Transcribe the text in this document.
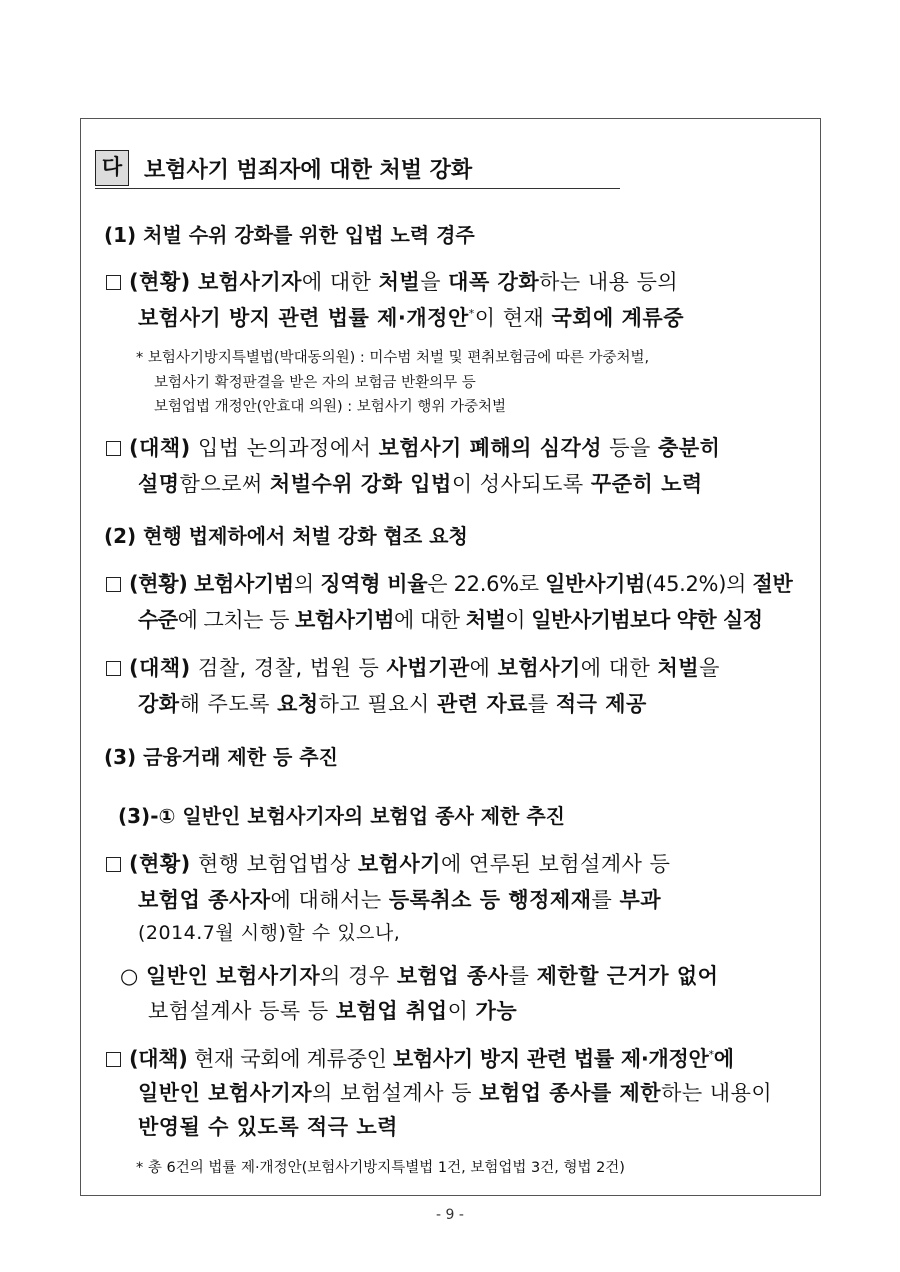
다 보험사기 범죄자에 대한 처벌 강화
(1) 처벌 수위 강화를 위한 입법 노력 경주
(현황) 보험사기자에 대한 처벌을 대폭 강화하는 내용 등의
보험사기 방지 관련 법률 제·개정안*이 현재 국회에 계류중
* 보험사기방지특별법(박대동의원) : 미수범 처벌 및 편취보험금에 따른 가중처벌,
보험사기 확정판결을 받은 자의 보험금 반환의무 등
보험업법 개정안(안효대 의원) : 보험사기 행위 가중처벌
(대책) 입법 논의과정에서 보험사기 폐해의 심각성 등을 충분히
설명함으로써 처벌수위 강화 입법이 성사되도록 꾸준히 노력
(2) 현행 법제하에서 처벌 강화 협조 요청
(현황) 보험사기범의 징역형 비율은 22.6%로 일반사기범(45.2%)의 절반
수준에 그치는 등 보험사기범에 대한 처벌이 일반사기범보다 약한 실정
(대책) 검찰, 경찰, 법원 등 사법기관에 보험사기에 대한 처벌을
강화해 주도록 요청하고 필요시 관련 자료를 적극 제공
(3) 금융거래 제한 등 추진
(3)-① 일반인 보험사기자의 보험업 종사 제한 추진
(현황) 현행 보험업법상 보험사기에 연루된 보험설계사 등
보험업 종사자에 대해서는 등록취소 등 행정제재를 부과
(2014.7월 시행)할 수 있으나,
○ 일반인 보험사기자의 경우 보험업 종사를 제한할 근거가 없어
보험설계사 등록 등 보험업 취업이 가능
(대책) 현재 국회에 계류중인 보험사기 방지 관련 법률 제·개정안*에
일반인 보험사기자의 보험설계사 등 보험업 종사를 제한하는 내용이
반영될 수 있도록 적극 노력
* 총 6건의 법률 제·개정안(보험사기방지특별법 1건, 보험업법 3건, 형법 2건)
- 9 -
